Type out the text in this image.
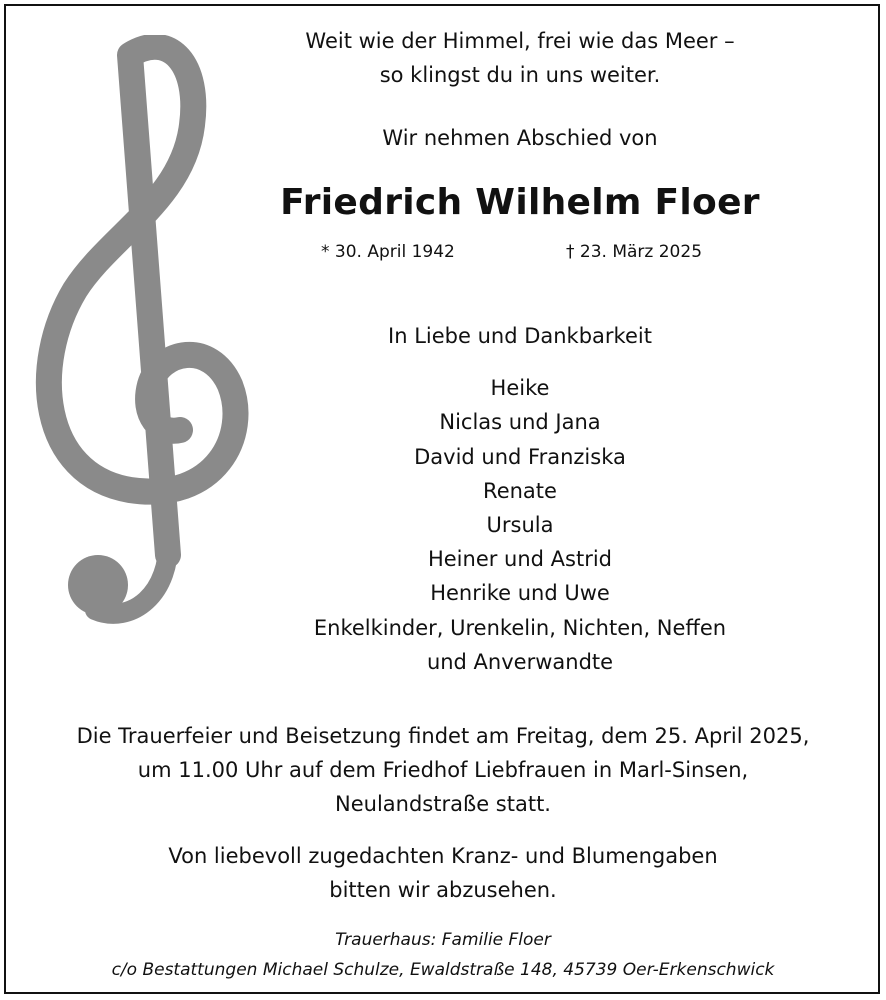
Weit wie der Himmel, frei wie das Meer –
so klingst du in uns weiter.
Wir nehmen Abschied von
Friedrich Wilhelm Floer
* 30. April 1942	† 23. März 2025
In Liebe und Dankbarkeit
Heike
Niclas und Jana
David und Franziska
Renate
Ursula
Heiner und Astrid
Henrike und Uwe
Enkelkinder, Urenkelin, Nichten, Neffen
und Anverwandte
Die Trauerfeier und Beisetzung findet am Freitag, dem 25. April 2025,
um 11.00 Uhr auf dem Friedhof Liebfrauen in Marl-Sinsen,
Neulandstraße statt.
Von liebevoll zugedachten Kranz- und Blumengaben
bitten wir abzusehen.
Trauerhaus: Familie Floer
c/o Bestattungen Michael Schulze, Ewaldstraße 148, 45739 Oer-Erkenschwick
